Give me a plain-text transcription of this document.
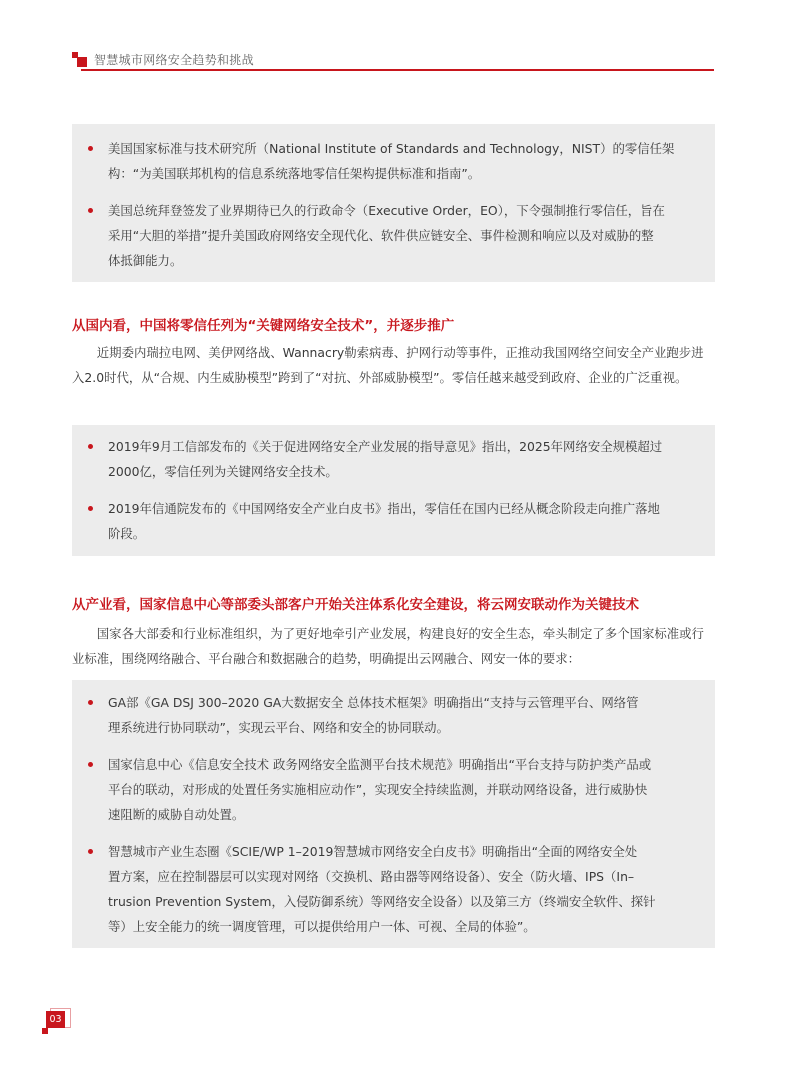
智慧城市网络安全趋势和挑战
美国国家标准与技术研究所（National Institute of Standards and Technology，NIST）的零信任架
构：“为美国联邦机构的信息系统落地零信任架构提供标准和指南”。
美国总统拜登签发了业界期待已久的行政命令（Executive Order，EO），下令强制推行零信任，旨在
采用“大胆的举措”提升美国政府网络安全现代化、软件供应链安全、事件检测和响应以及对威胁的整
体抵御能力。
从国内看，中国将零信任列为“关键网络安全技术”，并逐步推广
近期委内瑞拉电网、美伊网络战、Wannacry勒索病毒、护网行动等事件，正推动我国网络空间安全产业跑步进入2.0时代，从“合规、内生威胁模型”跨到了“对抗、外部威胁模型”。零信任越来越受到政府、企业的广泛重视。
2019年9月工信部发布的《关于促进网络安全产业发展的指导意见》指出，2025年网络安全规模超过
2000亿，零信任列为关键网络安全技术。
2019年信通院发布的《中国网络安全产业白皮书》指出，零信任在国内已经从概念阶段走向推广落地
阶段。
从产业看，国家信息中心等部委头部客户开始关注体系化安全建设，将云网安联动作为关键技术
国家各大部委和行业标准组织，为了更好地牵引产业发展，构建良好的安全生态，牵头制定了多个国家标准或行业标准，围绕网络融合、平台融合和数据融合的趋势，明确提出云网融合、网安一体的要求：
GA部《GA DSJ 300–2020 GA大数据安全 总体技术框架》明确指出“支持与云管理平台、网络管
理系统进行协同联动”，实现云平台、网络和安全的协同联动。
国家信息中心《信息安全技术 政务网络安全监测平台技术规范》明确指出“平台支持与防护类产品或
平台的联动，对形成的处置任务实施相应动作”，实现安全持续监测，并联动网络设备，进行威胁快
速阻断的威胁自动处置。
智慧城市产业生态圈《SCIE/WP 1–2019智慧城市网络安全白皮书》明确指出“全面的网络安全处
置方案，应在控制器层可以实现对网络（交换机、路由器等网络设备）、安全（防火墙、IPS（In–
trusion Prevention System，入侵防御系统）等网络安全设备）以及第三方（终端安全软件、探针
等）上安全能力的统一调度管理，可以提供给用户一体、可视、全局的体验”。
03
